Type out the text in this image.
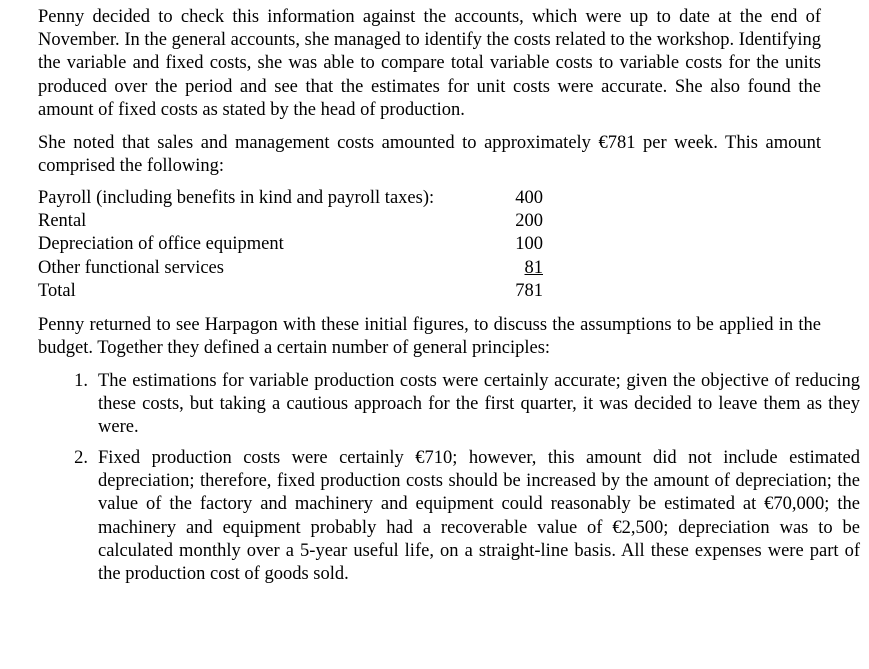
Penny decided to check this information against the accounts, which were up to date at the end of November. In the general accounts, she managed to identify the costs related to the workshop. Identifying the variable and fixed costs, she was able to compare total variable costs to variable costs for the units produced over the period and see that the estimates for unit costs were accurate. She also found the amount of fixed costs as stated by the head of production.

She noted that sales and management costs amounted to approximately €781 per week. This amount comprised the following:

Payroll (including benefits in kind and payroll taxes):	400
Rental	200
Depreciation of office equipment	100
Other functional services	81
Total	781

Penny returned to see Harpagon with these initial figures, to discuss the assumptions to be applied in the budget. Together they defined a certain number of general principles:

1. The estimations for variable production costs were certainly accurate; given the objective of reducing these costs, but taking a cautious approach for the first quarter, it was decided to leave them as they were.
2. Fixed production costs were certainly €710; however, this amount did not include estimated depreciation; therefore, fixed production costs should be increased by the amount of depreciation; the value of the factory and machinery and equipment could reasonably be estimated at €70,000; the machinery and equipment probably had a recoverable value of €2,500; depreciation was to be calculated monthly over a 5-year useful life, on a straight-line basis. All these expenses were part of the production cost of goods sold.
